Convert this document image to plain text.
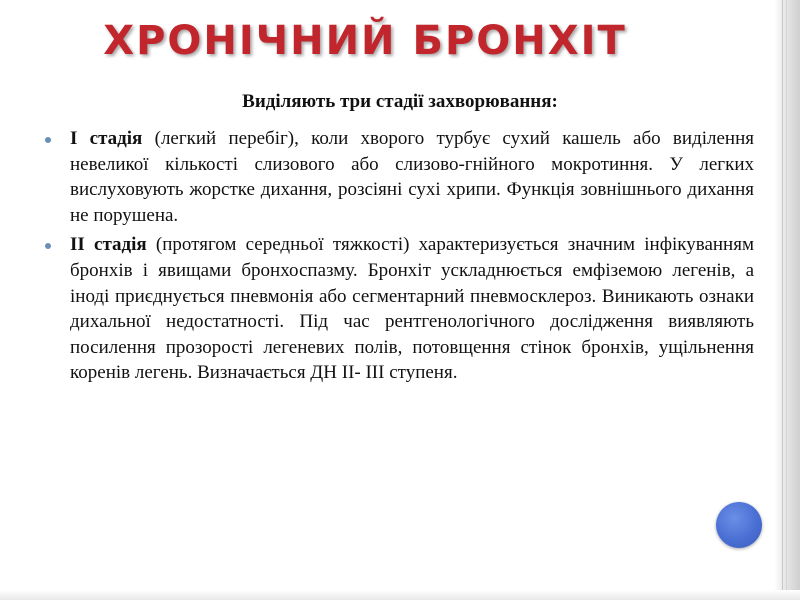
ХРОНІЧНИЙ БРОНХІТ

Виділяють три стадії захворювання:

I стадія (легкий перебіг), коли хворого турбує сухий кашель або виділення невеликої кількості слизового або слизово-гнійного мокротиння. У легких вислуховують жорстке дихання, розсіяні сухі хрипи. Функція зовнішнього дихання не порушена.
II стадія (протягом середньої тяжкості) характеризується значним інфікуванням бронхів і явищами бронхоспазму. Бронхіт ускладнюється емфіземою легенів, а іноді приєднується пневмонія або сегментарний пневмосклероз. Виникають ознаки дихальної недостатності. Під час рентгенологічного дослідження виявляють посилення прозорості легеневих полів, потовщення стінок бронхів, ущільнення коренів легень. Визначається ДН ІІ- ІІІ ступеня.
